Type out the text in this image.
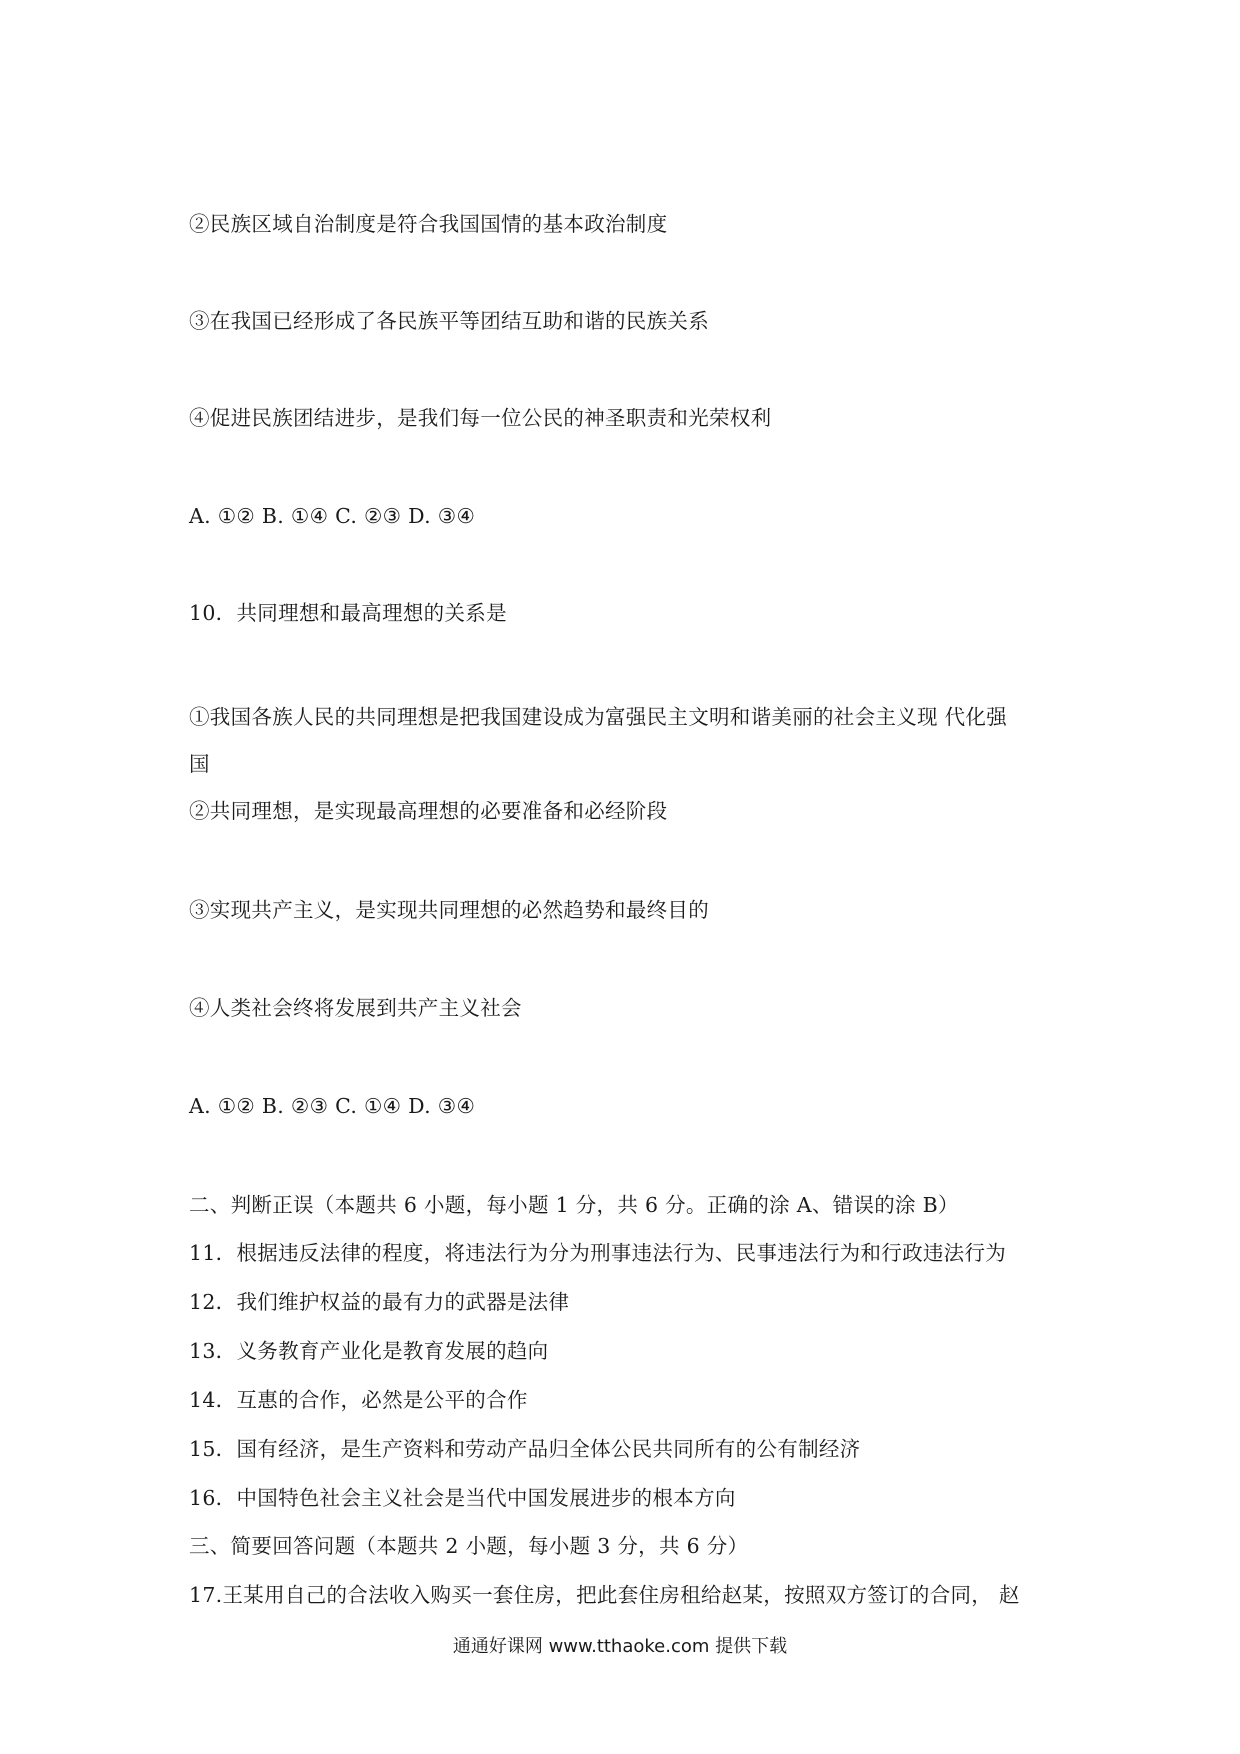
②民族区域自治制度是符合我国国情的基本政治制度
③在我国已经形成了各民族平等团结互助和谐的民族关系
④促进民族团结进步，是我们每一位公民的神圣职责和光荣权利
A. ①② B. ①④ C. ②③ D. ③④
10．共同理想和最高理想的关系是
①我国各族人民的共同理想是把我国建设成为富强民主文明和谐美丽的社会主义现 代化强
国
②共同理想，是实现最高理想的必要准备和必经阶段
③实现共产主义，是实现共同理想的必然趋势和最终目的
④人类社会终将发展到共产主义社会
A. ①② B. ②③ C. ①④ D. ③④
二、判断正误（本题共 6 小题，每小题 1 分，共 6 分。正确的涂 A、错误的涂 B）
11．根据违反法律的程度，将违法行为分为刑事违法行为、民事违法行为和行政违法行为
12．我们维护权益的最有力的武器是法律
13．义务教育产业化是教育发展的趋向
14．互惠的合作，必然是公平的合作
15．国有经济，是生产资料和劳动产品归全体公民共同所有的公有制经济
16．中国特色社会主义社会是当代中国发展进步的根本方向
三、简要回答问题（本题共 2 小题，每小题 3 分，共 6 分）
17.王某用自己的合法收入购买一套住房，把此套住房租给赵某，按照双方签订的合同， 赵
通通好课网 www.tthaoke.com 提供下载
